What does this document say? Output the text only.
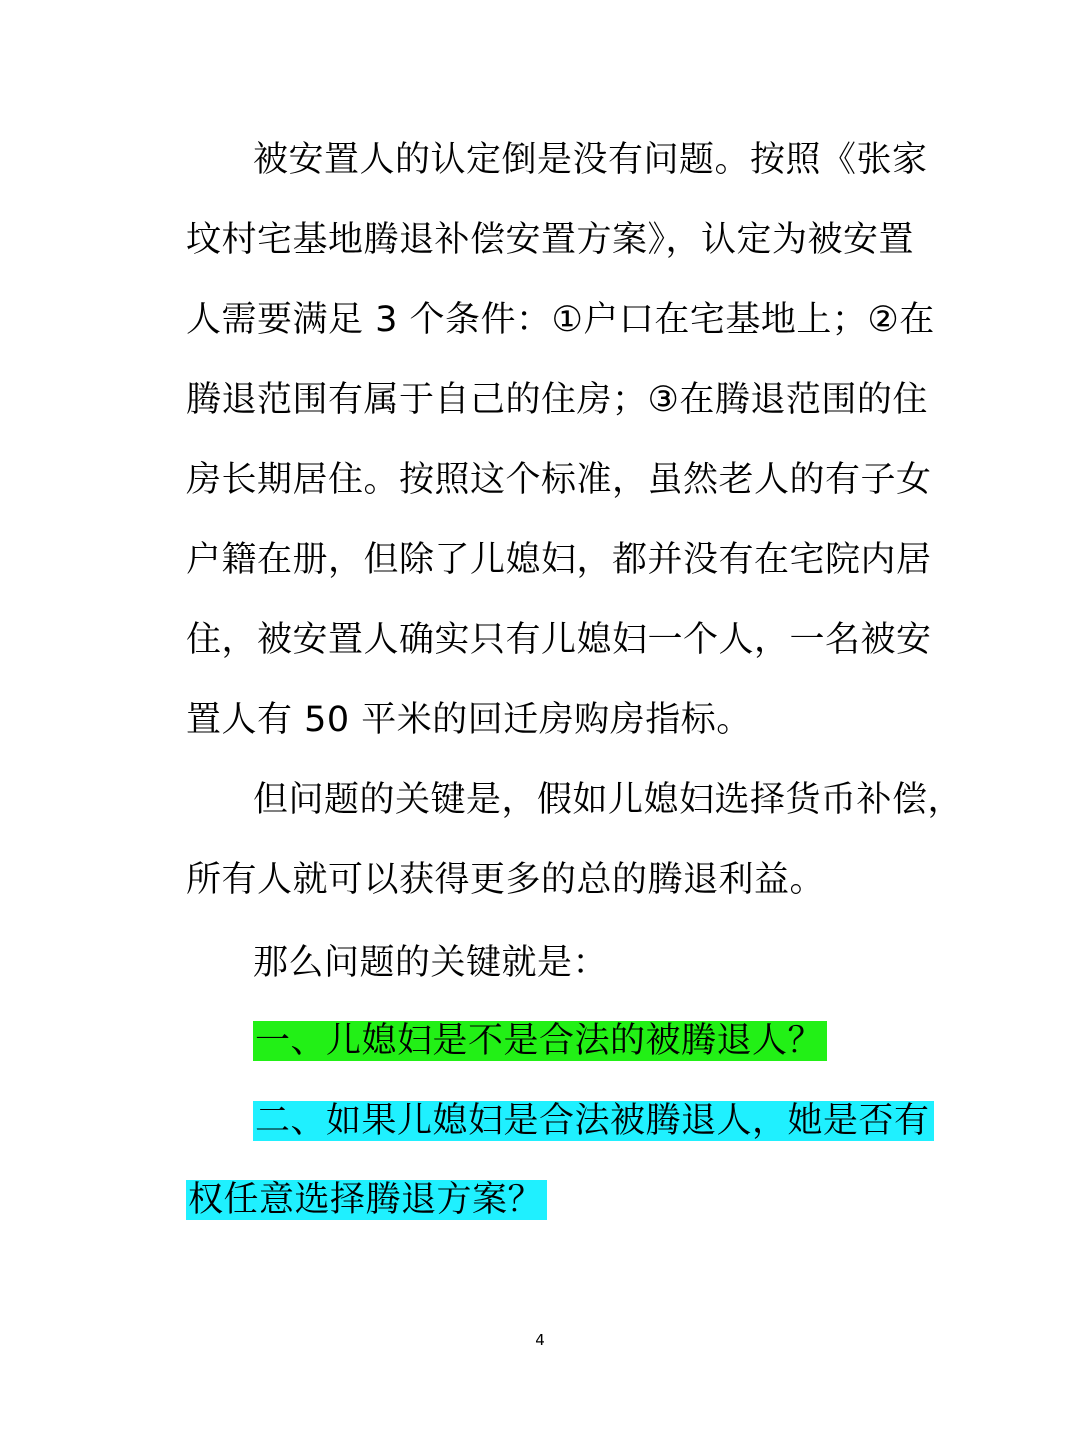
被安置人的认定倒是没有问题。按照《张家
坟村宅基地腾退补偿安置方案》，认定为被安置
人需要满足 3 个条件：①户口在宅基地上；②在
腾退范围有属于自己的住房；③在腾退范围的住
房长期居住。按照这个标准，虽然老人的有子女
户籍在册，但除了儿媳妇，都并没有在宅院内居
住，被安置人确实只有儿媳妇一个人，一名被安
置人有 50 平米的回迁房购房指标。
但问题的关键是，假如儿媳妇选择货币补偿，
所有人就可以获得更多的总的腾退利益。
那么问题的关键就是：
一、儿媳妇是不是合法的被腾退人？
二、如果儿媳妇是合法被腾退人，她是否有
权任意选择腾退方案？
4
